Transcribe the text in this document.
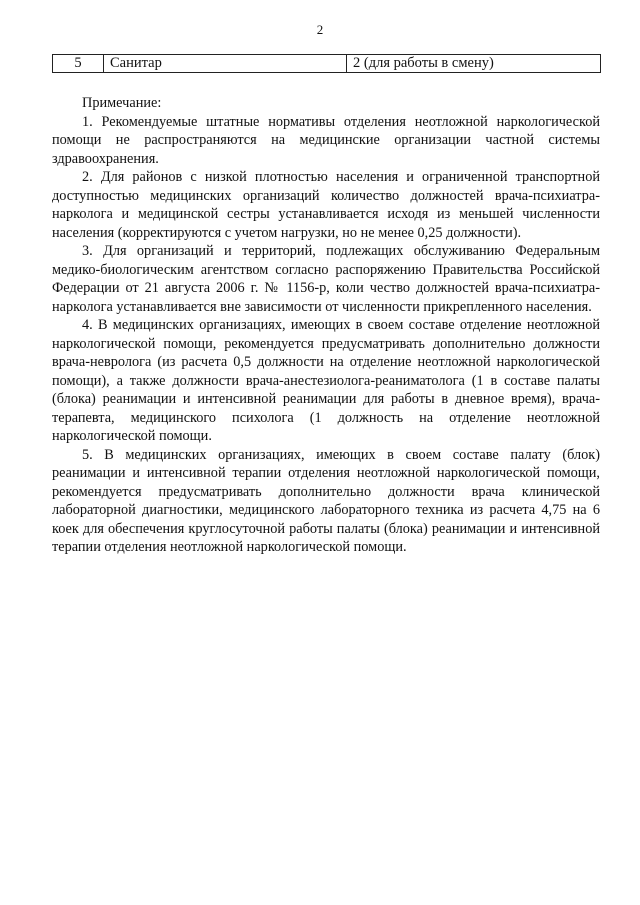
2
5	Санитар	2 (для работы в смену)

Примечание:

1. Рекомендуемые штатные нормативы отделения неотложной наркологической помощи не распространяются на медицинские организации частной системы здравоохранения.

2. Для районов с низкой плотностью населения и ограниченной транспортной доступностью медицинских организаций количество должностей врача-психиатра-нарколога и медицинской сестры устанавливается исходя из меньшей численности населения (корректируются с учетом нагрузки, но не менее 0,25 должности).

3. Для организаций и территорий, подлежащих обслуживанию Федеральным медико-биологическим агентством согласно распоряжению Правительства Российской Федерации от 21 августа 2006 г. № 1156-р, коли чество должностей врача-психиатра-нарколога устанавливается вне зависимости от численности прикрепленного населения.

4. В медицинских организациях, имеющих в своем составе отделение неотложной наркологической помощи, рекомендуется предусматривать дополнительно должности врача-невролога (из расчета 0,5 должности на отделение неотложной наркологической помощи), а также должности врача-анестезиолога-реаниматолога (1 в составе палаты (блока) реанимации и интенсивной реанимации для работы в дневное время), врача-терапевта, медицинского психолога (1 должность на отделение неотложной наркологической помощи.

5. В медицинских организациях, имеющих в своем составе палату (блок) реанимации и интенсивной терапии отделения неотложной наркологической помощи, рекомендуется предусматривать дополнительно должности врача клинической лабораторной диагностики, медицинского лабораторного техника из расчета 4,75 на 6 коек для обеспечения круглосуточной работы палаты (блока) реанимации и интенсивной терапии отделения неотложной наркологической помощи.
